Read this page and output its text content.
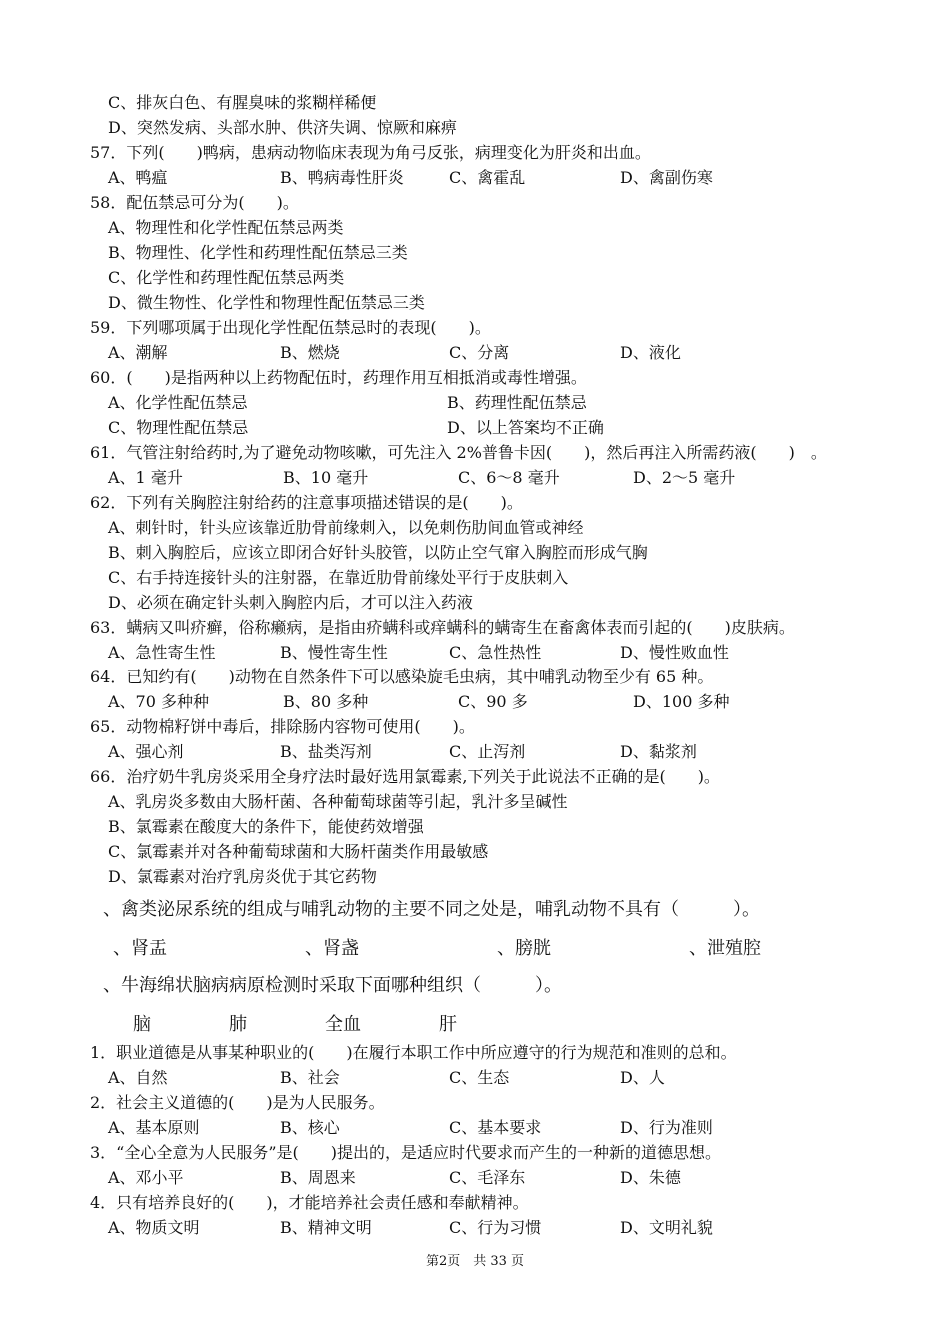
C、排灰白色、有腥臭味的浆糊样稀便
D、突然发病、头部水肿、供济失调、惊厥和麻痹
57．下列(　　)鸭病，患病动物临床表现为角弓反张，病理变化为肝炎和出血。
A、鸭瘟	B、鸭病毒性肝炎	C、禽霍乱	D、禽副伤寒
58．配伍禁忌可分为(　　)。
A、物理性和化学性配伍禁忌两类
B、物理性、化学性和药理性配伍禁忌三类
C、化学性和药理性配伍禁忌两类
D、微生物性、化学性和物理性配伍禁忌三类
59．下列哪项属于出现化学性配伍禁忌时的表现(　　)。
A、潮解	B、燃烧	C、分离	D、液化
60．(　　)是指两种以上药物配伍时，药理作用互相抵消或毒性增强。
A、化学性配伍禁忌	B、药理性配伍禁忌
C、物理性配伍禁忌	D、以上答案均不正确
61．气管注射给药时,为了避免动物咳嗽，可先注入 2%普鲁卡因(　　)，然后再注入所需药液(　　)　。
A、1 毫升	B、10 毫升	C、6～8 毫升	D、2～5 毫升
62．下列有关胸腔注射给药的注意事项描述错误的是(　　)。
A、刺针时，针头应该靠近肋骨前缘刺入，以免刺伤肋间血管或神经
B、刺入胸腔后，应该立即闭合好针头胶管，以防止空气窜入胸腔而形成气胸
C、右手持连接针头的注射器，在靠近肋骨前缘处平行于皮肤刺入
D、必须在确定针头刺入胸腔内后，才可以注入药液
63．螨病又叫疥癣，俗称癞病，是指由疥螨科或痒螨科的螨寄生在畜禽体表而引起的(　　)皮肤病。
A、急性寄生性	B、慢性寄生性	C、急性热性	D、慢性败血性
64．已知约有(　　)动物在自然条件下可以感染旋毛虫病，其中哺乳动物至少有 65 种。
A、70 多种种	B、80 多种	C、90 多	D、100 多种
65．动物棉籽饼中毒后，排除肠内容物可使用(　　)。
A、强心剂	B、盐类泻剂	C、止泻剂	D、黏浆剂
66．治疗奶牛乳房炎采用全身疗法时最好选用氯霉素,下列关于此说法不正确的是(　　)。
A、乳房炎多数由大肠杆菌、各种葡萄球菌等引起，乳汁多呈碱性
B、氯霉素在酸度大的条件下，能使药效增强
C、氯霉素并对各种葡萄球菌和大肠杆菌类作用最敏感
D、氯霉素对治疗乳房炎优于其它药物
、禽类泌尿系统的组成与哺乳动物的主要不同之处是，哺乳动物不具有（　　　）。
、肾盂	、肾盏	、膀胱	、泄殖腔
、牛海绵状脑病病原检测时采取下面哪种组织（　　　）。
脑	肺	全血	肝
1．职业道德是从事某种职业的(　　)在履行本职工作中所应遵守的行为规范和准则的总和。
A、自然	B、社会	C、生态	D、人
2．社会主义道德的(　　)是为人民服务。
A、基本原则	B、核心	C、基本要求	D、行为准则
3．“全心全意为人民服务”是(　　)提出的，是适应时代要求而产生的一种新的道德思想。
A、邓小平	B、周恩来	C、毛泽东	D、朱德
4．只有培养良好的(　　)，才能培养社会责任感和奉献精神。
A、物质文明	B、精神文明	C、行为习惯	D、文明礼貌
第2页　共 33 页
